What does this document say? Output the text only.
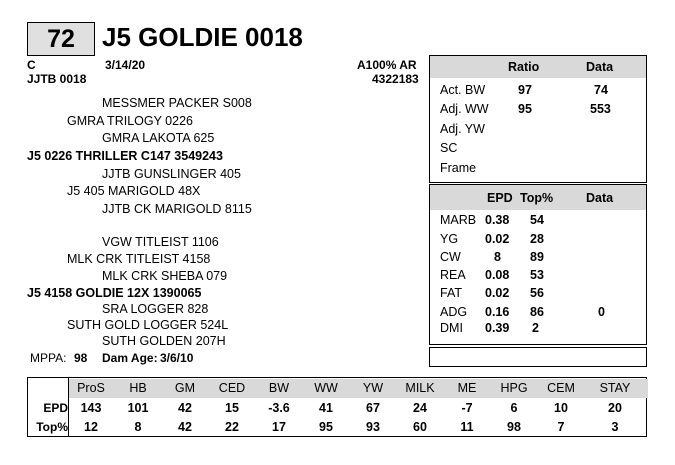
72	J5 GOLDIE 0018
C	3/14/20
JJTB 0018
A100% AR
4322183
MESSMER PACKER S008
GMRA TRILOGY 0226
GMRA LAKOTA 625
J5 0226 THRILLER C147 3549243
JJTB GUNSLINGER 405
J5 405 MARIGOLD 48X
JJTB CK MARIGOLD 8115
VGW TITLEIST 1106
MLK CRK TITLEIST 4158
MLK CRK SHEBA 079
J5 4158 GOLDIE 12X 1390065
SRA LOGGER 828
SUTH GOLD LOGGER 524L
SUTH GOLDEN 207H
MPPA: 98 Dam Age: 3/6/10
Ratio	Data
Act. BW	97	74
Adj. WW 95	553
Adj. YW
SC
Frame
EPD Top%	Data
MARB 0.38 54
YG 0.02 28
CW	8 89
REA 0.08 53
FAT 0.02 56
ADG 0.16 86	0
DMI 0.39 2
ProS	HB	GM	CED	BW	WW	YW	MILK	ME	HPG	CEM	STAY
EPD	143	101	42	15	-3.6	41	67	24	-7	6	10	20
Top%	12	8	42	22	17	95	93	60	11	98	7	3
